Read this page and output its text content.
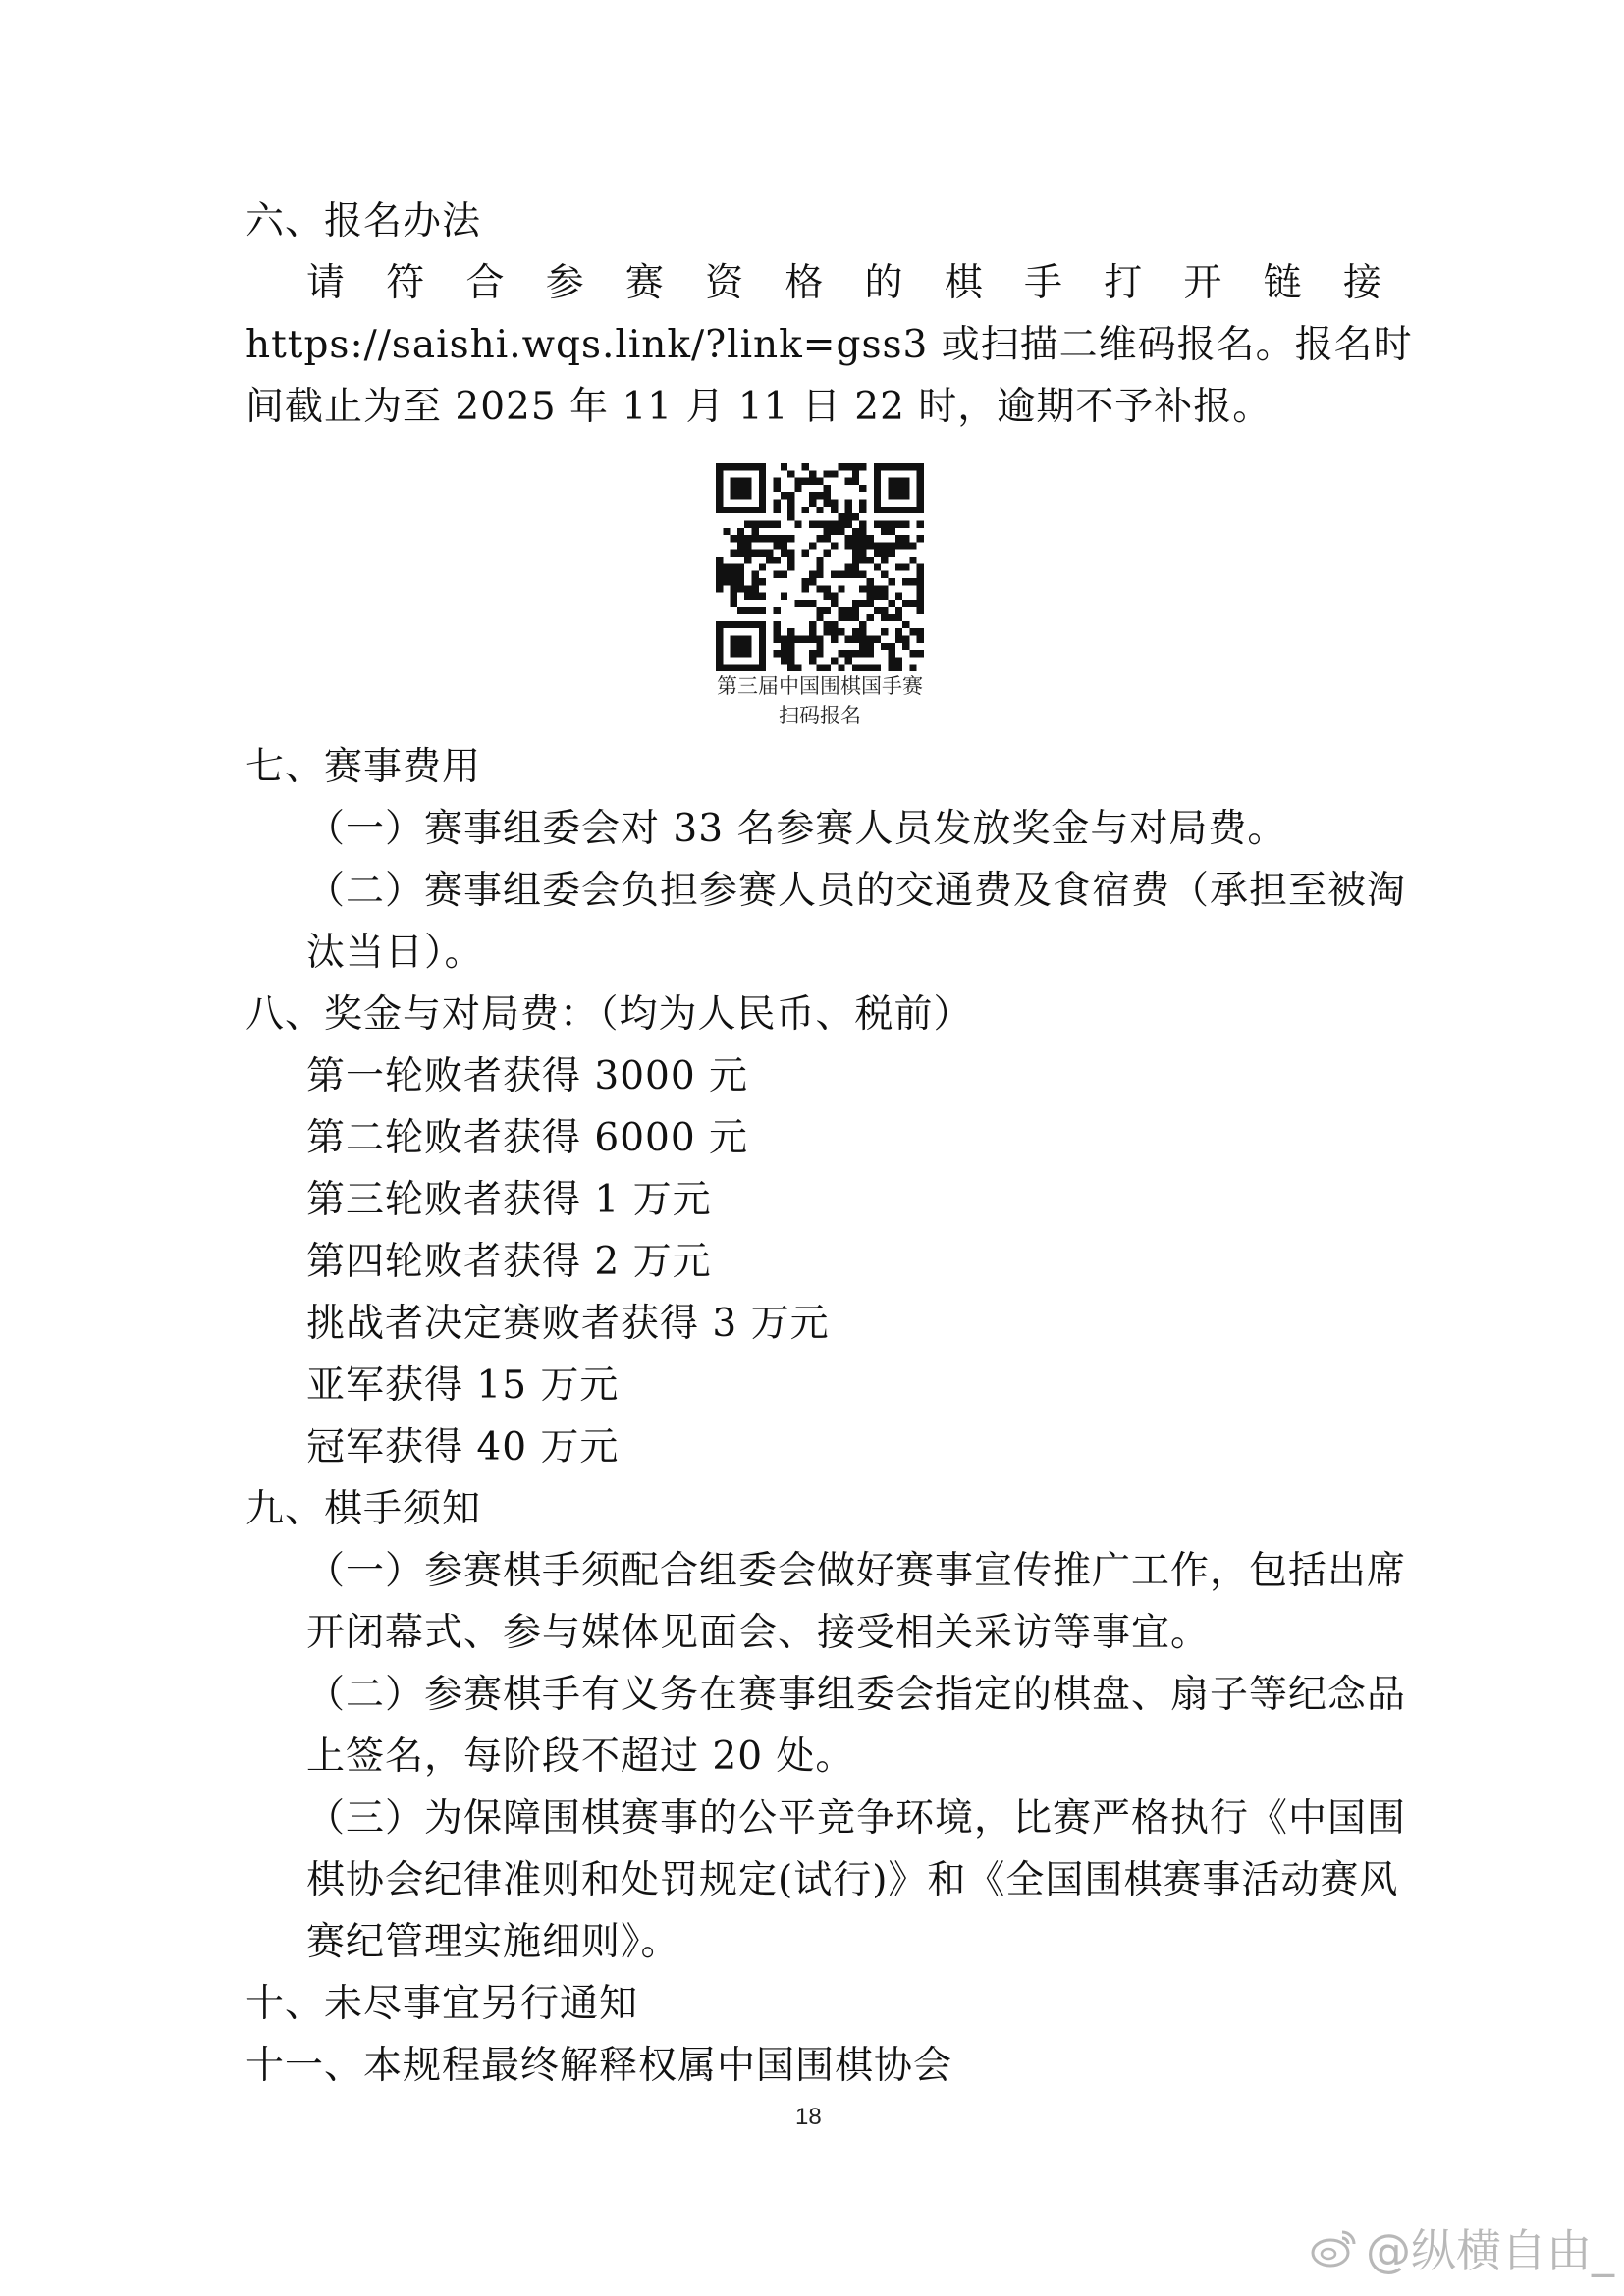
六、报名办法
请 符 合 参 赛 资 格 的 棋 手 打 开 链 接
https://saishi.wqs.link/?link=gss3 或扫描二维码报名。报名时
间截止为至 2025 年 11 月 11 日 22 时，逾期不予补报。
第三届中国围棋国手赛
扫码报名
七、赛事费用
（一）赛事组委会对 33 名参赛人员发放奖金与对局费。
（二）赛事组委会负担参赛人员的交通费及食宿费（承担至被淘
汰当日）。
八、奖金与对局费：（均为人民币、税前）
第一轮败者获得 3000 元
第二轮败者获得 6000 元
第三轮败者获得 1 万元
第四轮败者获得 2 万元
挑战者决定赛败者获得 3 万元
亚军获得 15 万元
冠军获得 40 万元
九、棋手须知
（一）参赛棋手须配合组委会做好赛事宣传推广工作，包括出席
开闭幕式、参与媒体见面会、接受相关采访等事宜。
（二）参赛棋手有义务在赛事组委会指定的棋盘、扇子等纪念品
上签名，每阶段不超过 20 处。
（三）为保障围棋赛事的公平竞争环境，比赛严格执行《中国围
棋协会纪律准则和处罚规定(试行)》和《全国围棋赛事活动赛风
赛纪管理实施细则》。
十、未尽事宜另行通知
十一、本规程最终解释权属中国围棋协会
18
@纵横自由_
